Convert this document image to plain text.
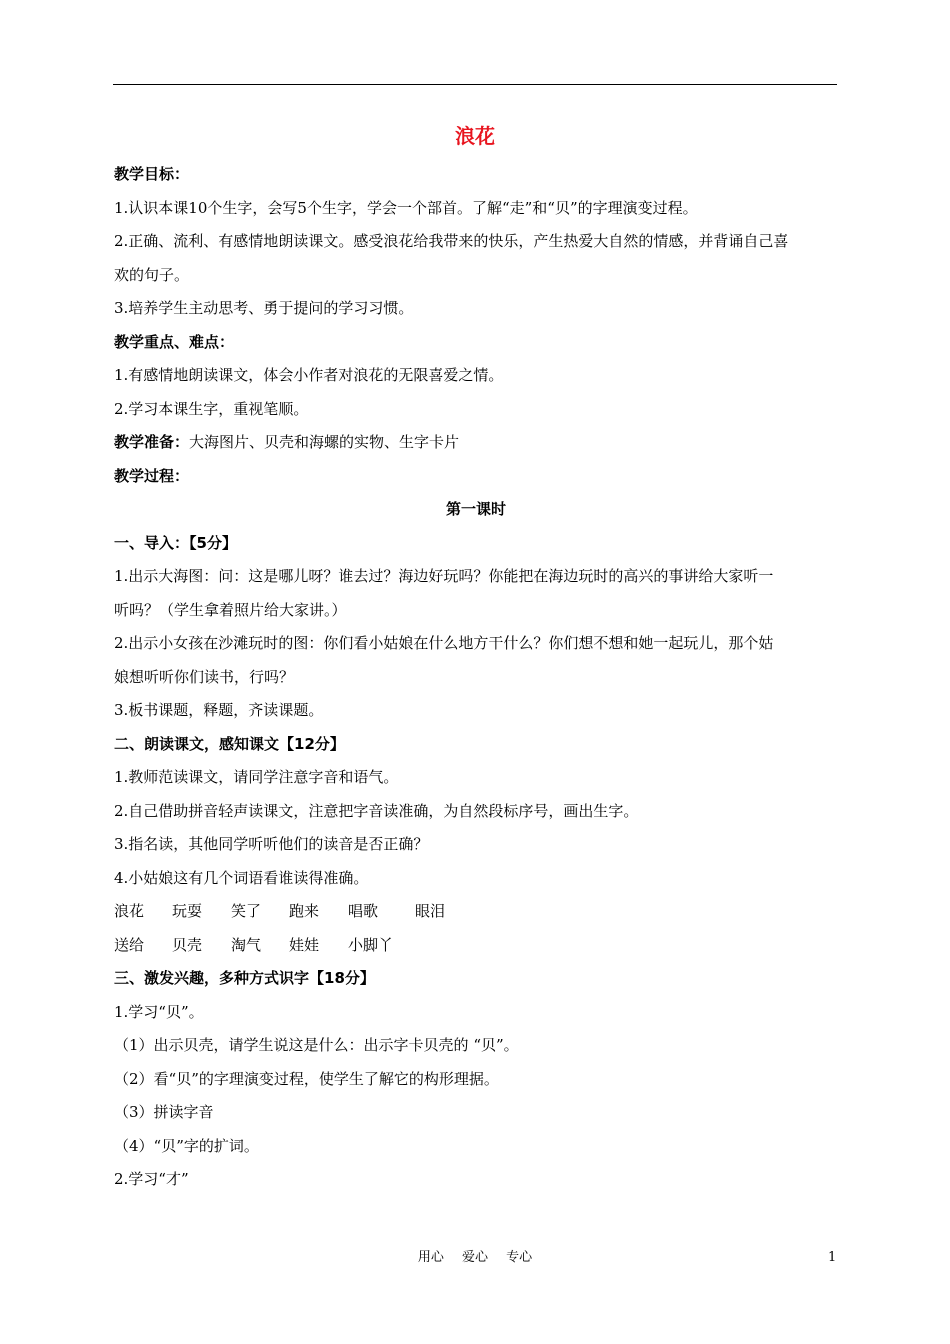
浪花
教学目标：
1.认识本课10个生字，会写5个生字，学会一个部首。了解“走”和“贝”的字理演变过程。
2.正确、流利、有感情地朗读课文。感受浪花给我带来的快乐，产生热爱大自然的情感，并背诵自己喜
欢的句子。
3.培养学生主动思考、勇于提问的学习习惯。
教学重点、难点：
1.有感情地朗读课文，体会小作者对浪花的无限喜爱之情。
2.学习本课生字，重视笔顺。
教学准备：大海图片、贝壳和海螺的实物、生字卡片
教学过程：
第一课时
一、导入：【5分】
1.出示大海图：问：这是哪儿呀？谁去过？海边好玩吗？你能把在海边玩时的高兴的事讲给大家听一
听吗？（学生拿着照片给大家讲。）
2.出示小女孩在沙滩玩时的图：你们看小姑娘在什么地方干什么？你们想不想和她一起玩儿，那个姑
娘想听听你们读书，行吗？
3.板书课题，释题，齐读课题。
二、朗读课文，感知课文【12分】
1.教师范读课文，请同学注意字音和语气。
2.自己借助拼音轻声读课文，注意把字音读准确，为自然段标序号，画出生字。
3.指名读，其他同学听听他们的读音是否正确？
4.小姑娘这有几个词语看谁读得准确。
浪花	玩耍	笑了	跑来	唱歌	眼泪
送给	贝壳	淘气	娃娃	小脚丫
三、激发兴趣，多种方式识字【18分】
1.学习“贝”。
（1）出示贝壳，请学生说这是什么：出示字卡贝壳的 “贝”。
（2）看“贝”的字理演变过程，使学生了解它的构形理据。
（3）拼读字音
（4）“贝”字的扩词。
2.学习“才”
用心 爱心 专心	1
